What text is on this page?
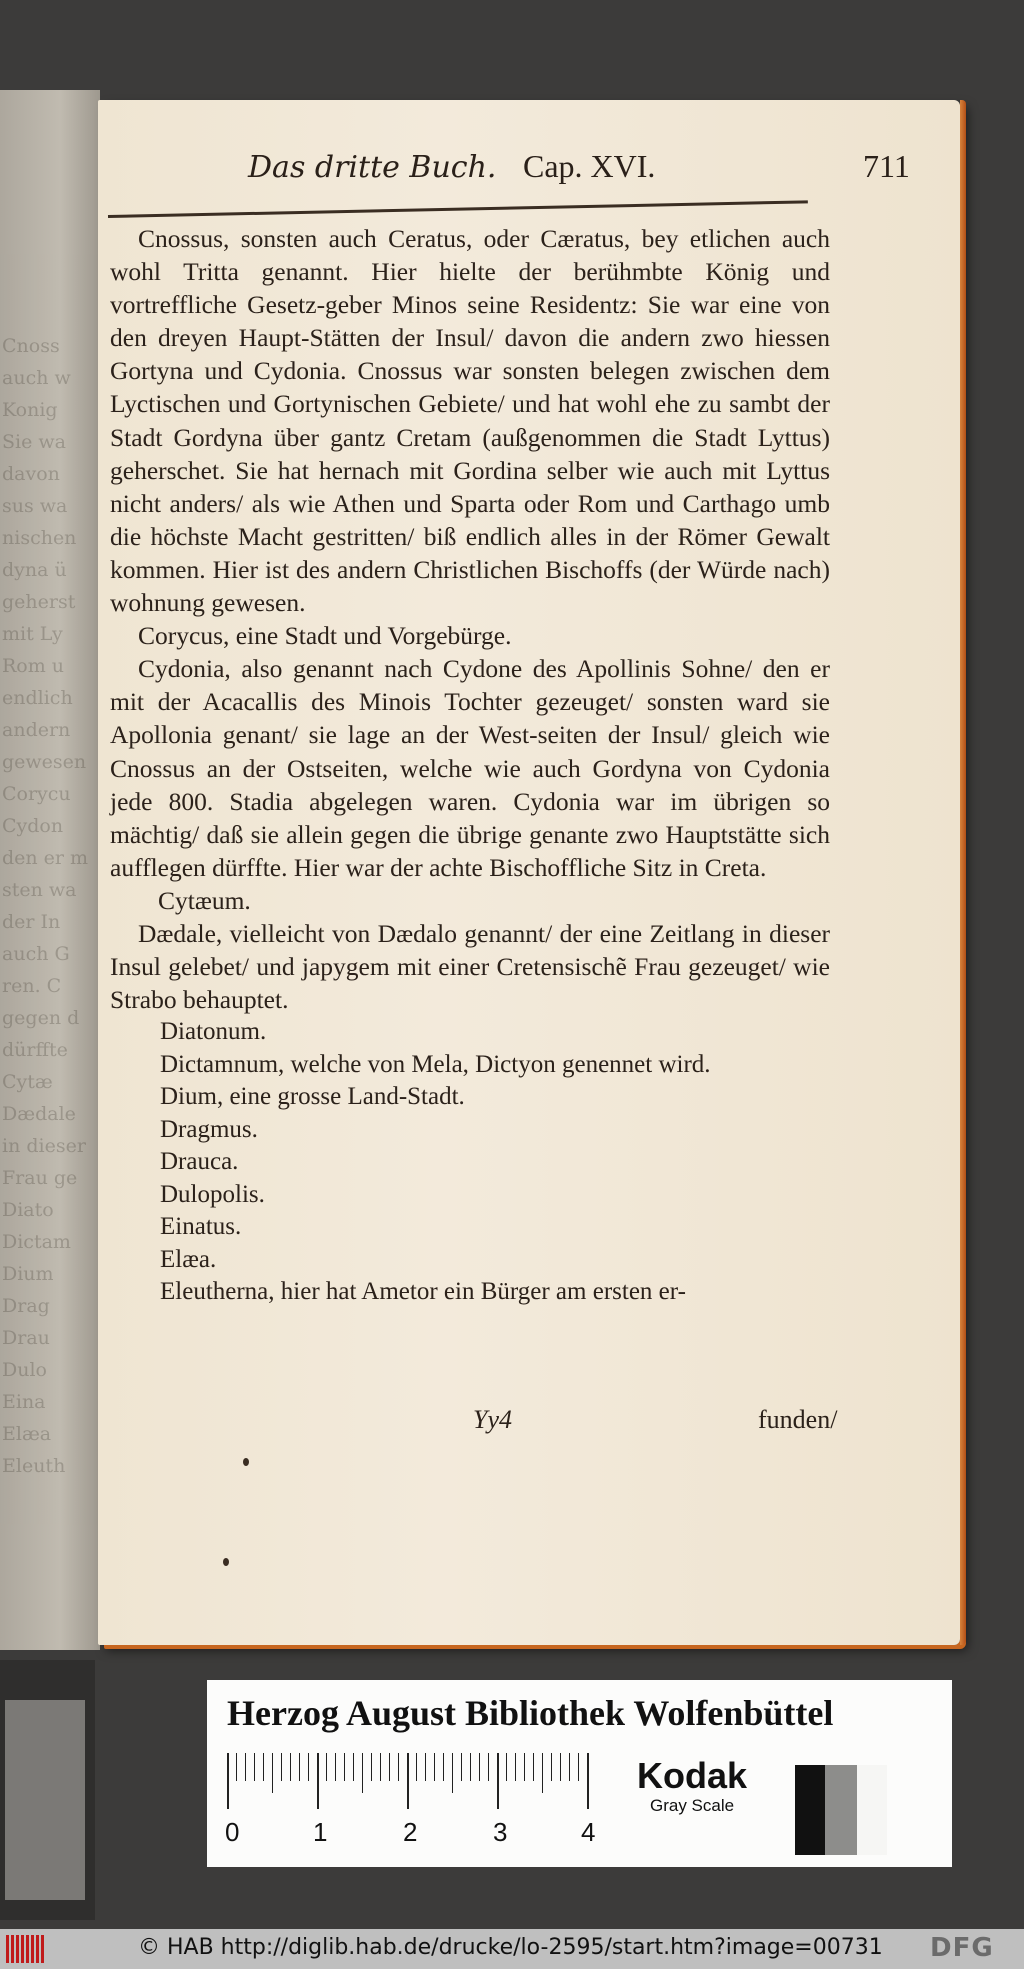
Cnoss
auch w
Konig
Sie wa
davon
sus wa
nischen
dyna ü
geherst
mit Ly
Rom u
endlich
andern
gewesen
Corycu
Cydon
den er m
sten wa
der In
auch G
ren. C
gegen d
dürffte
Cytæ
Dædale
in dieser
Frau ge
Diato
Dictam
Dium
Drag
Drau
Dulo
Eina
Elæa
Eleuth
Das dritte Buch. Cap. XVI.	711

Cnossus, sonsten auch Ceratus, oder Cæratus, bey etlichen auch wohl Tritta genannt. Hier hielte der berühmbte König und vortreffliche Gesetz-geber Minos seine Residentz: Sie war eine von den dreyen Haupt-Stätten der Insul/ davon die andern zwo hiessen Gortyna und Cydonia. Cnossus war sonsten belegen zwischen dem Lyctischen und Gortynischen Gebiete/ und hat wohl ehe zu sambt der Stadt Gordyna über gantz Cretam (außgenommen die Stadt Lyttus) geherschet. Sie hat hernach mit Gordina selber wie auch mit Lyttus nicht anders/ als wie Athen und Sparta oder Rom und Carthago umb die höchste Macht gestritten/ biß endlich alles in der Römer Gewalt kommen. Hier ist des andern Christlichen Bischoffs (der Würde nach) wohnung gewesen.

Corycus, eine Stadt und Vorgebürge.

Cydonia, also genannt nach Cydone des Apollinis Sohne/ den er mit der Acacallis des Minois Tochter gezeuget/ sonsten ward sie Apollonia genant/ sie lage an der West-seiten der Insul/ gleich wie Cnossus an der Ostseiten, welche wie auch Gordyna von Cydonia jede 800. Stadia abgelegen waren. Cydonia war im übrigen so mächtig/ daß sie allein gegen die übrige genante zwo Hauptstätte sich aufflegen dürffte. Hier war der achte Bischoffliche Sitz in Creta.

Cytæum.

Dædale, vielleicht von Dædalo genannt/ der eine Zeitlang in dieser Insul gelebet/ und japygem mit einer Cretensischẽ Frau gezeuget/ wie Strabo behauptet.

Diatonum.

Dictamnum, welche von Mela, Dictyon genennet wird.

Dium, eine grosse Land-Stadt.

Dragmus.

Drauca.

Dulopolis.

Einatus.

Elæa.

Eleutherna, hier hat Ametor ein Bürger am ersten er-

Yy4	funden/
Herzog August Bibliothek Wolfenbüttel
0	1	2	3	4
Kodak
Gray Scale
© HAB http://diglib.hab.de/drucke/lo-2595/start.htm?image=00731 DFG
